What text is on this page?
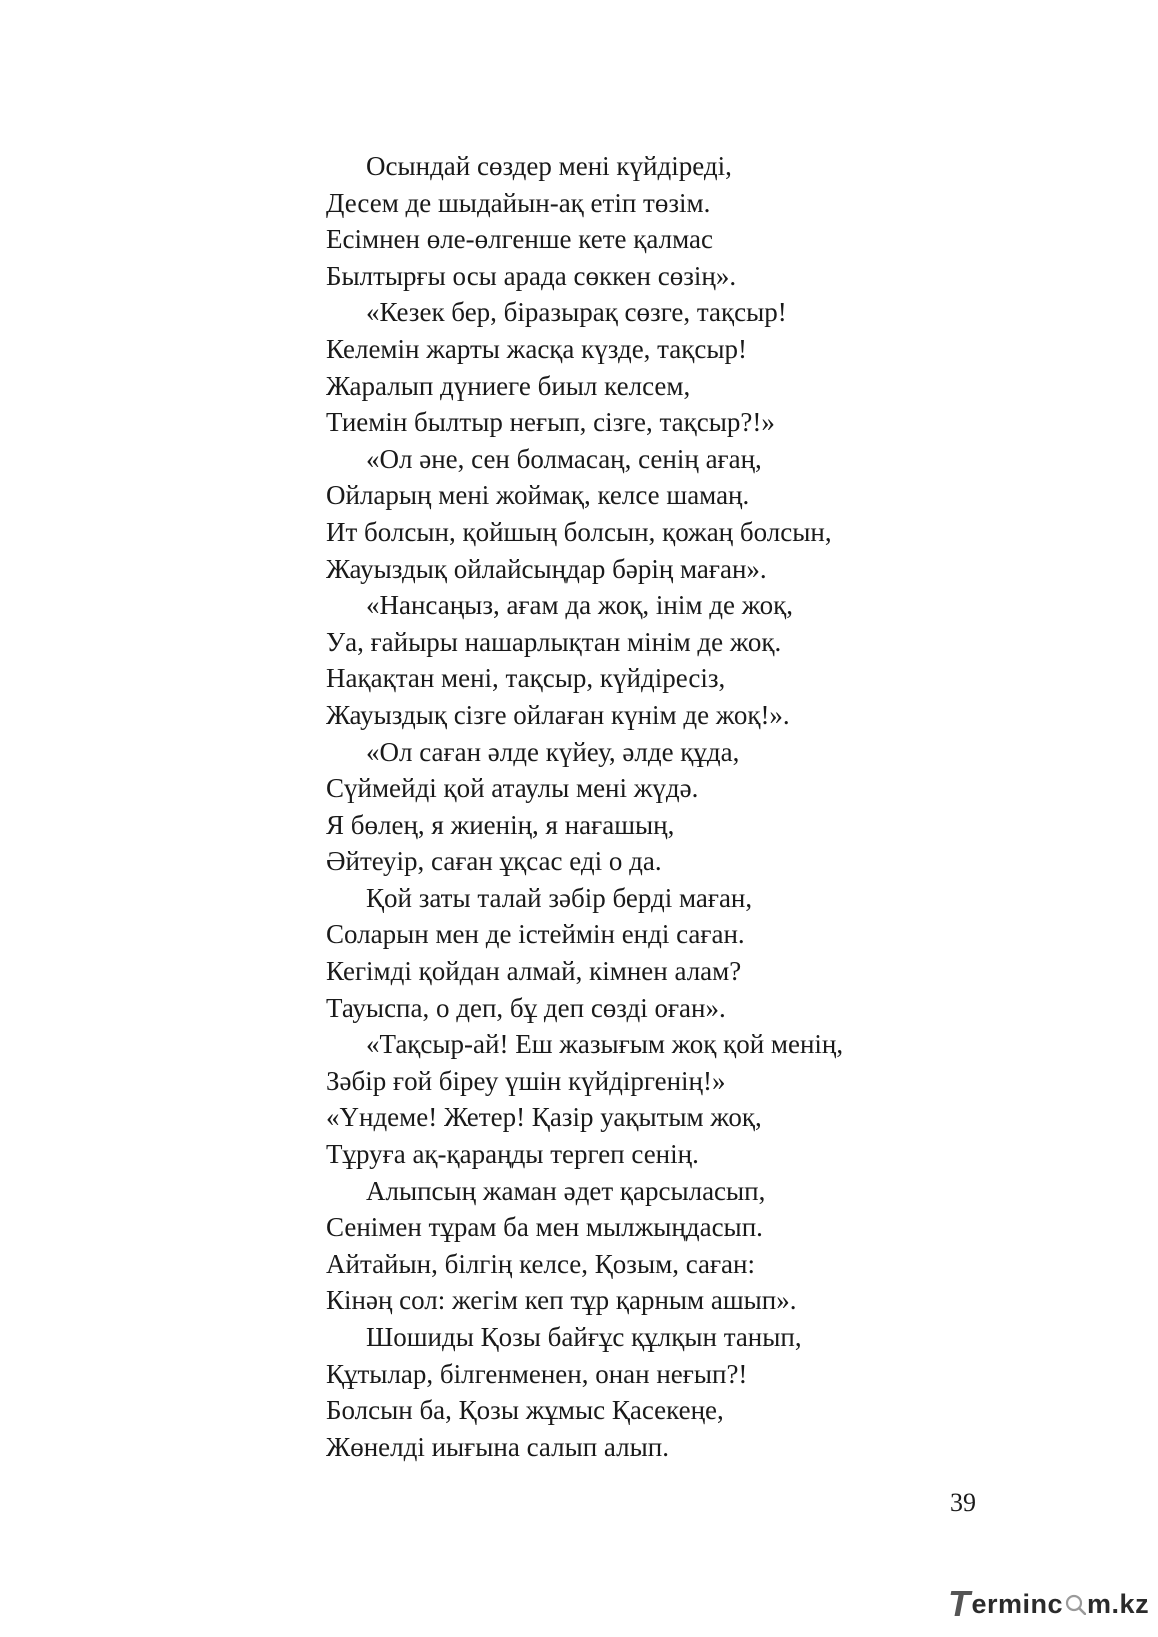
Осындай сөздер мені күйдіреді,
Десем де шыдайын-ақ етіп төзім.
Есімнен өле-өлгенше кете қалмас
Былтырғы осы арада сөккен сөзің».
«Кезек бер, біразырақ сөзге, тақсыр!
Келемін жарты жасқа күзде, тақсыр!
Жаралып дүниеге биыл келсем,
Тиемін былтыр неғып, сізге, тақсыр?!»
«Ол әне, сен болмасаң, сенің ағаң,
Ойларың мені жоймақ, келсе шамаң.
Ит болсын, қойшың болсын, қожаң болсын,
Жауыздық ойлайсыңдар бәрің маған».
«Нансаңыз, ағам да жоқ, інім де жоқ,
Уа, ғайыры нашарлықтан мінім де жоқ.
Нақақтан мені, тақсыр, күйдіресіз,
Жауыздық сізге ойлаған күнім де жоқ!».
«Ол саған әлде күйеу, әлде құда,
Сүймейді қой атаулы мені жүдә.
Я бөлең, я жиенің, я нағашың,
Әйтеуір, саған ұқсас еді о да.
Қой заты талай зәбір берді маған,
Соларын мен де істеймін енді саған.
Кегімді қойдан алмай, кімнен алам?
Тауыспа, о деп, бұ деп сөзді оған».
«Тақсыр-ай! Еш жазығым жоқ қой менің,
Зәбір ғой біреу үшін күйдіргенің!»
«Үндеме! Жетер! Қазір уақытым жоқ,
Тұруға ақ-қараңды тергеп сенің.
Алыпсың жаман әдет қарсыласып,
Сенімен тұрам ба мен мылжыңдасып.
Айтайын, білгің келсе, Қозым, саған:
Кінәң сол: жегім кеп тұр қарным ашып».
Шошиды Қозы байғұс құлқын танып,
Құтылар, білгенменен, онан неғып?!
Болсын ба, Қозы жұмыс Қасекеңе,
Жөнелді иығына салып алып.
39
T erminc m.kz
